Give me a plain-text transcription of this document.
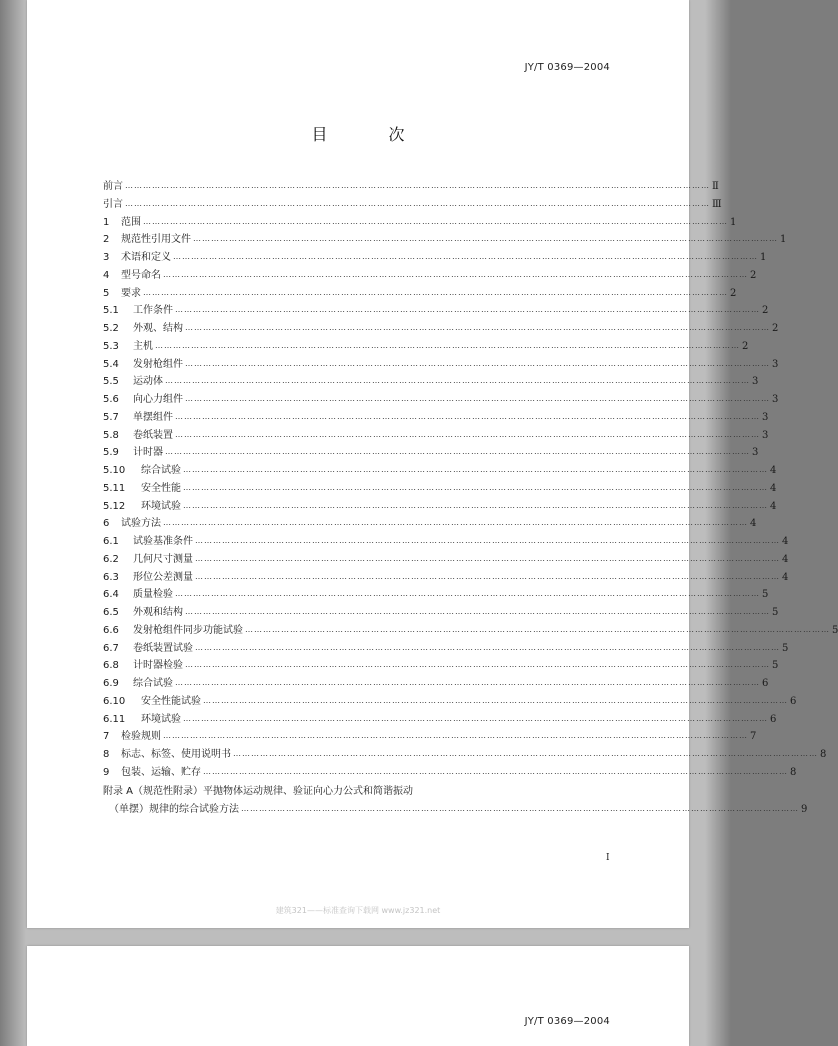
JY/T 0369—2004
目 次
前言 …………………………………………………………………………………………………………………………………………………………………………… Ⅱ
引言 …………………………………………………………………………………………………………………………………………………………………………… Ⅲ
1	范围 …………………………………………………………………………………………………………………………………………………………………………… 1
2	规范性引用文件 …………………………………………………………………………………………………………………………………………………………………………… 1
3	术语和定义 …………………………………………………………………………………………………………………………………………………………………………… 1
4	型号命名 …………………………………………………………………………………………………………………………………………………………………………… 2
5	要求 …………………………………………………………………………………………………………………………………………………………………………… 2
5.1	工作条件 …………………………………………………………………………………………………………………………………………………………………………… 2
5.2	外观、结构 …………………………………………………………………………………………………………………………………………………………………………… 2
5.3	主机 …………………………………………………………………………………………………………………………………………………………………………… 2
5.4	发射枪组件 …………………………………………………………………………………………………………………………………………………………………………… 3
5.5	运动体 …………………………………………………………………………………………………………………………………………………………………………… 3
5.6	向心力组件 …………………………………………………………………………………………………………………………………………………………………………… 3
5.7	单摆组件 …………………………………………………………………………………………………………………………………………………………………………… 3
5.8	卷纸装置 …………………………………………………………………………………………………………………………………………………………………………… 3
5.9	计时器 …………………………………………………………………………………………………………………………………………………………………………… 3
5.10	综合试验 …………………………………………………………………………………………………………………………………………………………………………… 4
5.11	安全性能 …………………………………………………………………………………………………………………………………………………………………………… 4
5.12	环境试验 …………………………………………………………………………………………………………………………………………………………………………… 4
6	试验方法 …………………………………………………………………………………………………………………………………………………………………………… 4
6.1	试验基准条件 …………………………………………………………………………………………………………………………………………………………………………… 4
6.2	几何尺寸测量 …………………………………………………………………………………………………………………………………………………………………………… 4
6.3	形位公差测量 …………………………………………………………………………………………………………………………………………………………………………… 4
6.4	质量检验 …………………………………………………………………………………………………………………………………………………………………………… 5
6.5	外观和结构 …………………………………………………………………………………………………………………………………………………………………………… 5
6.6	发射枪组件同步功能试验 …………………………………………………………………………………………………………………………………………………………………………… 5
6.7	卷纸装置试验 …………………………………………………………………………………………………………………………………………………………………………… 5
6.8	计时器检验 …………………………………………………………………………………………………………………………………………………………………………… 5
6.9	综合试验 …………………………………………………………………………………………………………………………………………………………………………… 6
6.10	安全性能试验 …………………………………………………………………………………………………………………………………………………………………………… 6
6.11	环境试验 …………………………………………………………………………………………………………………………………………………………………………… 6
7	检验规则 …………………………………………………………………………………………………………………………………………………………………………… 7
8	标志、标签、使用说明书 …………………………………………………………………………………………………………………………………………………………………………… 8
9	包装、运输、贮存 …………………………………………………………………………………………………………………………………………………………………………… 8
附录 A（规范性附录）平抛物体运动规律、验证向心力公式和简谐振动
（单摆）规律的综合试验方法 …………………………………………………………………………………………………………………………………………………………………… 9
I
建筑321——标准查询下载网 www.jz321.net
JY/T 0369—2004
